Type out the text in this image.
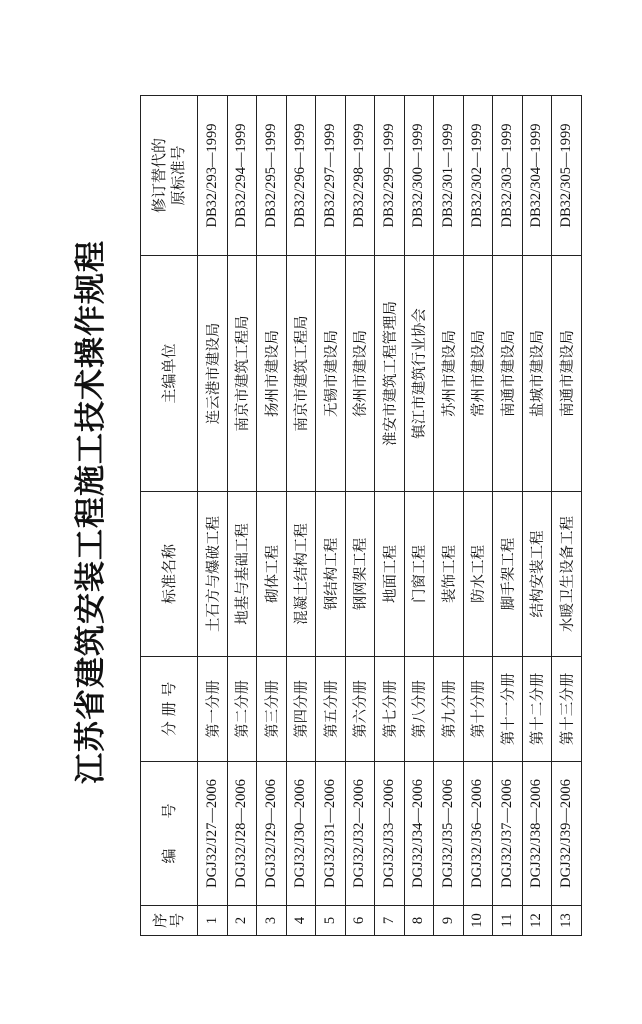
江苏省建筑安装工程施工技术操作规程
序号	编　　号	分 册 号	标准名称	主编单位	修订替代的 原标准号

1	DGJ32/J27—2006	第一分册	土石方与爆破工程	连云港市建设局	DB32/293—1999
2	DGJ32/J28—2006	第二分册	地基与基础工程	南京市建筑工程局	DB32/294—1999
3	DGJ32/J29—2006	第三分册	砌体工程	扬州市建设局	DB32/295—1999
4	DGJ32/J30—2006	第四分册	混凝土结构工程	南京市建筑工程局	DB32/296—1999
5	DGJ32/J31—2006	第五分册	钢结构工程	无锡市建设局	DB32/297—1999
6	DGJ32/J32—2006	第六分册	钢网架工程	徐州市建设局	DB32/298—1999
7	DGJ32/J33—2006	第七分册	地面工程	淮安市建筑工程管理局	DB32/299—1999
8	DGJ32/J34—2006	第八分册	门窗工程	镇江市建筑行业协会	DB32/300—1999
9	DGJ32/J35—2006	第九分册	装饰工程	苏州市建设局	DB32/301—1999
10	DGJ32/J36—2006	第十分册	防水工程	常州市建设局	DB32/302—1999
11	DGJ32/J37—2006	第十一分册	脚手架工程	南通市建设局	DB32/303—1999
12	DGJ32/J38—2006	第十二分册	结构安装工程	盐城市建设局	DB32/304—1999
13	DGJ32/J39—2006	第十三分册	水暖卫生设备工程	南通市建设局	DB32/305—1999
